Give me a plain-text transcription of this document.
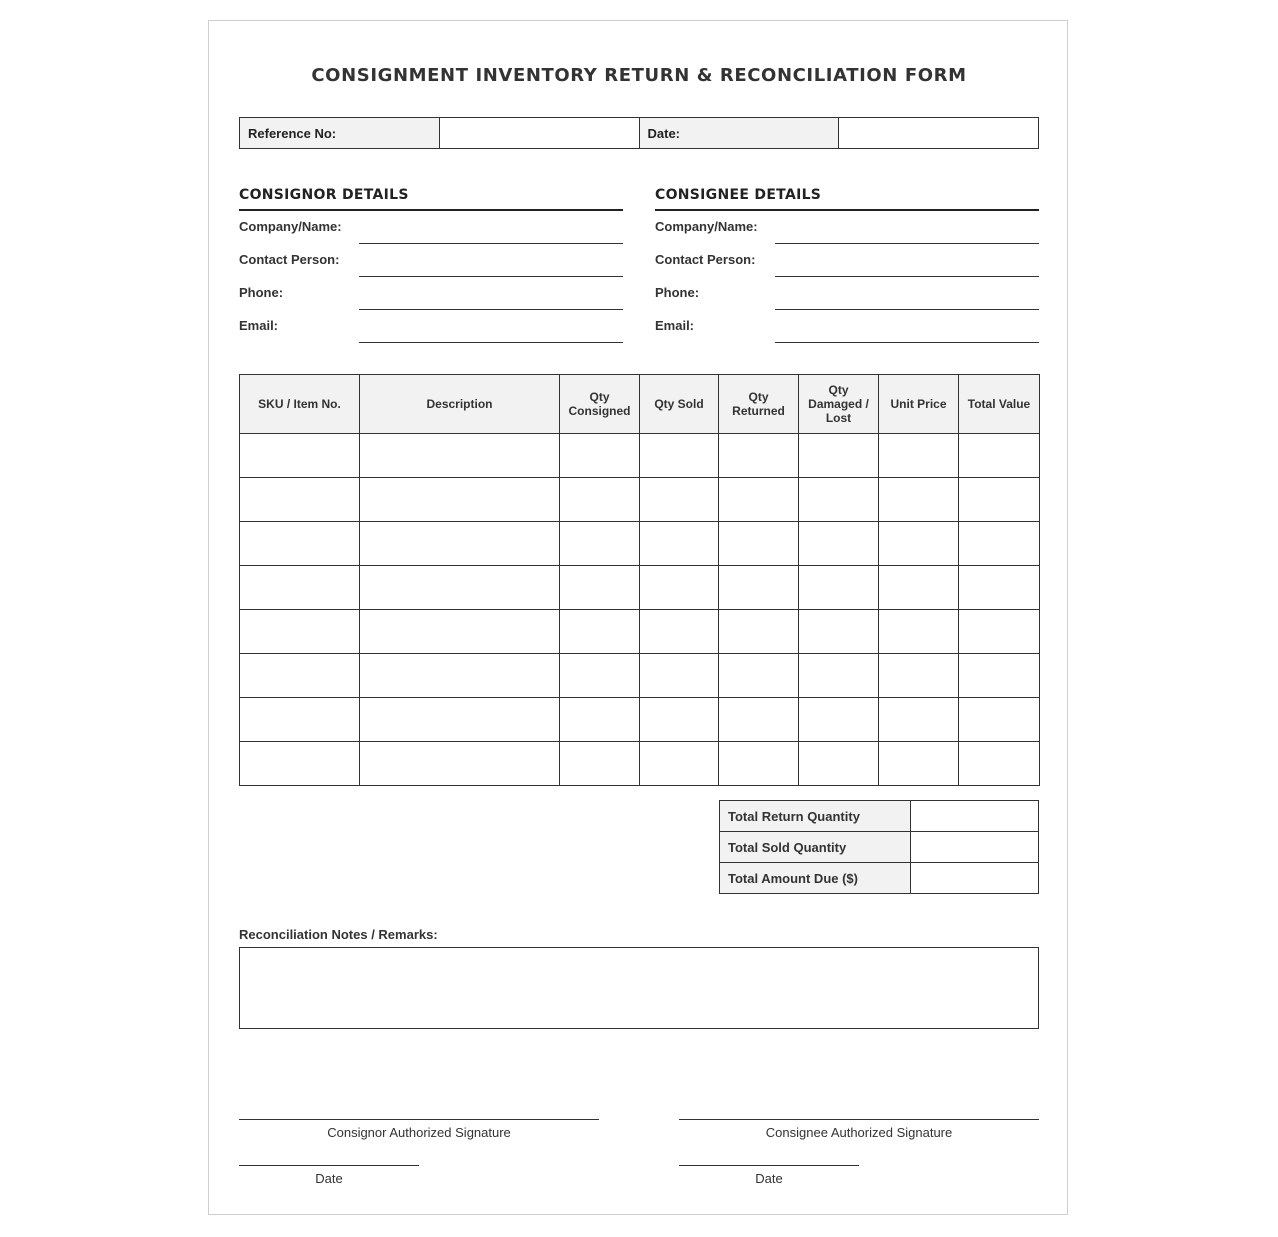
CONSIGNMENT INVENTORY RETURN & RECONCILIATION FORM
Reference No:		Date:	
CONSIGNOR DETAILS
Company/Name:
Contact Person:
Phone:
Email:
CONSIGNEE DETAILS
Company/Name:
Contact Person:
Phone:
Email:
SKU / Item No.	Description	Qty Consigned	Qty Sold	Qty Returned	Qty Damaged / Lost	Unit Price	Total Value

Total Return Quantity	
Total Sold Quantity	
Total Amount Due ($)	
Reconciliation Notes / Remarks:
Consignor Authorized Signature	Consignee Authorized Signature
Date	Date
